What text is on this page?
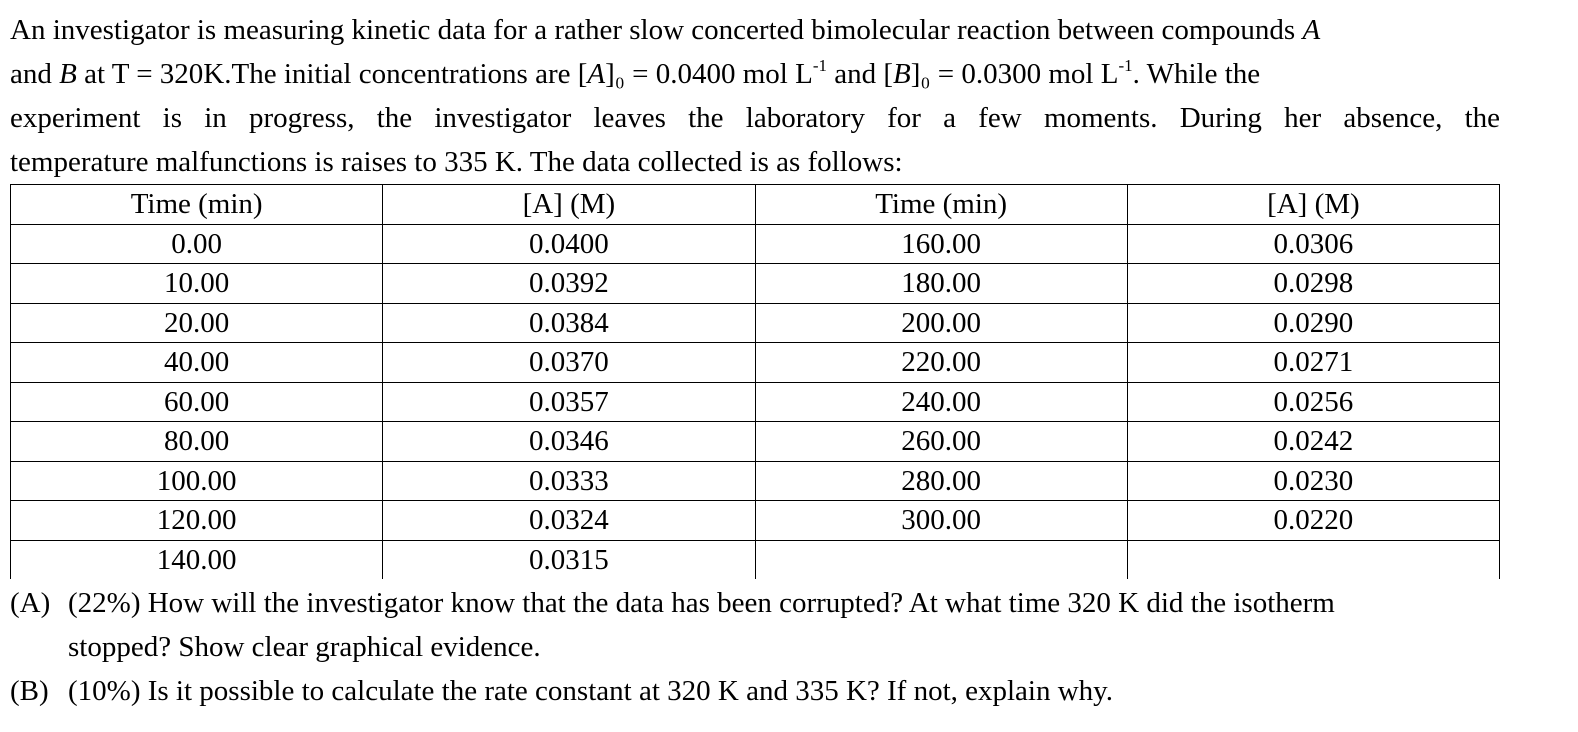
An investigator is measuring kinetic data for a rather slow concerted bimolecular reaction between compounds A
and B at T = 320K.The initial concentrations are [A]₀ = 0.0400 mol $L^{-1}$ and [B]₀ = 0.0300 mol $L^{-1}$. While the
experiment is in progress, the investigator leaves the laboratory for a few moments. During her absence, the
temperature malfunctions is raises to 335 K. The data collected is as follows:
Time (min)	[A] (M)	Time (min)	[A] (M)
0.00	0.0400	160.00	0.0306
10.00	0.0392	180.00	0.0298
20.00	0.0384	200.00	0.0290
40.00	0.0370	220.00	0.0271
60.00	0.0357	240.00	0.0256
80.00	0.0346	260.00	0.0242
100.00	0.0333	280.00	0.0230
120.00	0.0324	300.00	0.0220
140.00	0.0315		
(A) (22%) How will the investigator know that the data has been corrupted? At what time 320 K did the isotherm
stopped? Show clear graphical evidence.
(B) (10%) Is it possible to calculate the rate constant at 320 K and 335 K? If not, explain why.
